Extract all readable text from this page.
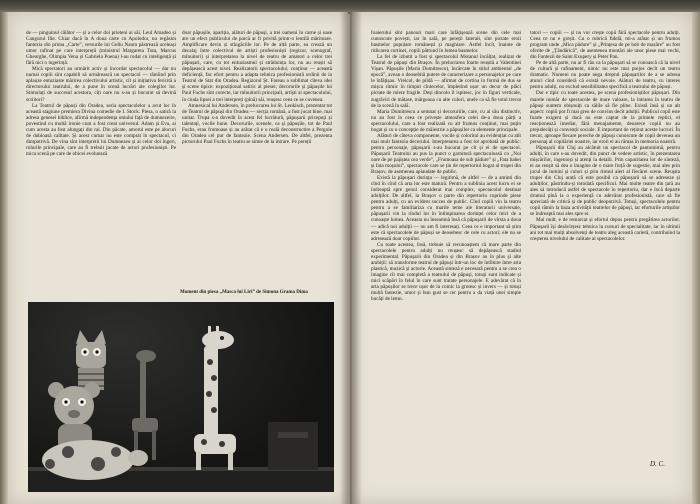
de — pinguinul călător — și a celor doi prieteni ai săi, Leul Amadeo și Cangurul Ilie. Chiar dacă în A doua carte cu Apolodor, nu regăsim fantezia din prima „Carte”, versurile lui Gellu Naum păstrează aceleași umor rafinat pe care interpreții (ministrul Margareta Tuta, Marcus Gheorghe, Olimpia Vena și Gabriela Poena) l-au rodat cu inteligență și fără nici o ingerință.

Mică spectatori au urmărit activ și încordat spectacolul — dar nu numai copiii sînt capabili să urmărească un spectacol — rămîind prin aplauze entuziaste mărirea colectivului artistic, cît și inițiativa fericită a directorului teatrului, de a pune în scenă lucrări ale colegilor lor. Stimulați de succesul acestora, cîți oare nu s-au și bucurat să devină scriitori?

La Teatrul de păpuși din Oradea, seria spectacolelor a avut loc în această stagiune premiera Divina comedie de I. Stock. Piesa, o satiră la adresa genesei biblice, afirmă independența omului față de dumnezeire, povestind cu multă ironie cum a fost creat universul. Adam și Eva, ai cum acesta au fost alungați din rai. Din păcate, amorul este pe alocuri de dubioasă calitate. Și acest cumar nu este comprat în spectacol, ci dimpotrivă. De vina sînt interpretii lui Dumnezeu și ai celor doi îngeri, rolurile principale, care au fi trebuit jucate de actori profesioniști. Pe mica scenă pe care de obicei evoluează

doar păpușile, apariția, alături de păpuși, a trei oameni în carne și oase are un efect publicului de parcă ar fi privită printr-o lentilă măritoare. Amplificare devin și stîngăciile lor. Pe de altă parte, ea crează un decalaj între colectivul de artiști profesioniști (regizor, scenograf, mînuitori) și interpretarea la nivel de teatru de amatori a celor trei păpușari, care, cu tot entuziasmul și străduința lor, nu au reușit să depășească acest nivel. Realizatorii spectacolului, conținut — această deficiență, fac efort pentru a adapta tehnica profesionistă ordinii de la Teatrul de Stat din Oradea. Regizorul Șt. Fareau a sublimat cîteva idei și scene tipice: expozițional satiric al piesei; decorurile și păpușile lui Paul Fuchs sînt corecte, iar mînuitorii principali, artiști ai spectacolului, în ciuda lipsei a trei interpreți (pînă) săi, reușesc ceea ce se cuvenea.

Amnesical lui Andersen, în prelucrarea lui St. Lenkisch, prezentat tot de Teatrul de păpuși din Oradea — secția română, a fost jucat bine, mai unitar. Trupa s-a dovedit în acest fel lucrătură, păpușarii pricepuți și talentați, vocile bune. Decorurile, scenele, ca și păpușile, tot de Paul Fuchs, erau frumoase și au arătat că e o reală deconstructire a Pergole din Oradea cel pur de fantezie. Scena Andersen. De altfel, prezenta pictorului Paul Fuchs în teatru se simte de la intrare. Pe pereții

Moment din piesa „Masca lui Liri” de Simona Grama Dima

foaierului sînt panouri mari care înfățișează scene din cele mai cunoscute povești, iar în sală, pe pereții laterali, sînt pictate eroii basmelor populare românești și maghiare. Astfel încît, înainte de ridicarea cortinei, copiii pătrund în lumea basmelor.

La fel de izbutit a fost și spectacolul Motanul încălțat, realizat de Teatrul de păpuși din Brașov. În prelucrarea foarte reușită a Valentinei Vișan. Păpușile (Maria Dumitrescu), încărcate în stilul ambiental „de epocă”, aveau o deosebită putere de caracterizare a personajelor pe care le înfățișau. Vreicol, de pildă — afirmat de cortina în formă de dus se mișca ritmic în timpul cîntecelor, împletind ușor un decor de plăci pictate de miere fragile. Deși dincolo îl ispitesc, joc în figuri verticale, zugrăviri de mătase, mărgeaua cu alte culori, unele ca să fie totul trecut de la scenă în sală.

Maria Dumitrescu a semnat și decoruriile, care, cu al său distinctiv, nu au fost în ceea ce privește atmosfera celei de-a doua părți a spectacolului, care a fost realizată cu alt frumos conținut, mai puțin bogat și cu o concepție de măiestrie a păpușilor ca elemente principale.

Alături de câteva componente, vocile și coloritul au evidențiat cu atît mai mult fantezia decorului. Interpretarea a fost tot aprobată de public: pentru personaje, păpușarii s-au bucurat pe cît și ei de spectacol. Păpușarii Teatrului au pus la punct o garnitură spectaculoasă cu „Noi oare de pe pajiștea cea verde”, „Frumoasa de sub pădure” și „Fata babei și fata moșului”, spectacole care se țin de repertoriul bogat al trupei din Brașov, de asemenea aplaudate de public.

Există la păpușari dorința — legitimă, de altfel — de a aminti din cînd în cînd că arta lor este matură. Pentru a sublinia acest lucru ei se îndreaptă spre genul considerat mai complex, spectacolul destinat adulților. De altfel, la Brașov o parte din repertoriu cuprinde piese pentru adulți, cu un evident succes de public. Cînd copiii vin la teatru pentru a se familiariza cu marile teme ale literaturii universale, păpușarii vin la rîndul lor în întîmpinarea dorinței celor mici de a cunoaște lumea. Aceasta nu înseamnă însă că păpușarii de vîrsta a doua — adică noi adulții — nu am fi interesați. Ceea ce e important să știm este că spectacolele de păpuși se deosebesc de cele cu actori; ele nu se adresează doar copiilor.

Cu toate acestea, însă, trebuie să recunoaștem că mare parte din spectacolele pentru adulți nu reușesc să depășească stadiul experimental. Păpușarii din Oradea și din Brașov au în plus și alte ambiții: să transforme teatrul de păpuși într-un loc de întîlnire între arta plastică, muzică și actorie. Această sinteză e necesară pentru a se crea o imagine cît mai completă a teatrului de păpuși, totuși sunt indicate și mici scăpări în felul în care sunt tratate personajele. E adevărat că în arta păpușilor se trece ușor de la comic la grotesc și invers — și totuși multă fantezie, umor și bun gust se cer pentru a da viață unei simple bucăți de lemn.

tatori — copiii — și nu vor crește copii fără spectacole pentru adulți. Ceea ce nu e greșit. Cu o rubrică fidelă, mi-a arătat și un frumos program unde „Mica pădure” și „Prințesa de pe bob de mazăre” au fost oferite de „Țăndărică”, de asemenea montări ale unor piese mai vechi, din Fantezii de Saint Exupery și Peter Pan.

Pe de altă parte, nu ar fi rău ca la păpușari să se cunoască că la nivel de cultură și rafinament, nimic nu este mai prejos decît un teatru dramatic. Numeni nu poate nega dreptul păpușarilor de a se adresa atunci cînd consideră că există nevoie. Alături de teatru, cu interes pentru adulți, nu exclud sensibilitatea specifică a teatrului de păpuși.

Dar e tipic cu toate acestea, pe scena profesioniștilor păpușari. Din marele număr de spectacole de mare valoare, la intrarea în teatru de păpuși suntem obișnuiți ca sălile să fie pline. Există însă și un alt aspect: copiii pot fi mai greu de convins decît adulții. Publicul copil este foarte exigent și dacă nu este captat de la primele replici, el reacționează imediat, fără menajamente, deoarece copiii nu au prejudecăți și convenții sociale. E important de reținut aceste lucruri. În trecut, aproape fiecare pereche de păpuși cunoscute de copii devenea un personaj al copilăriei noastre, iar eroii ei au rămas în memoria noastră.

Păpușarii din Cluj au alcătuit un spectacol de pantomimă, pentru adulți, în care s-au dovedit, din punct de vedere artistic, în prezentarea mișcărilor, ingenioși și atenți la detalii. Prin capacitatea lor de sinteză, ei au reușit să dea o imagine de o mare forță de sugestie, mai ales prin jocul de lumini și culori și prin ritmul alert al fiecărei scene. Reușita trupei din Cluj arată că este posibil ca păpușarii să se adreseze și adulților, păstrîndu-și totodată specificul. Mai multe teatre din țară au ales să introducă astfel de spectacole în repertoriu, dar e încă departe drumul pînă la o experiență cu adevărat profesionistă, care să fie apreciată de critică și de public deopotrivă. Totuși, spectacolele pentru copii rămîn la baza activității teatrelor de păpuși, iar eforturile artiștilor se îndreaptă mai ales spre ei.

Mai mult, e de remarcat și efortul depus pentru pregătirea actorilor. Păpușarii își desăvîrșesc tehnica la cursuri de specialitate, iar în ultimii ani tot mai mulți absolvenți de teatru aleg această carieră, contribuind la creșterea nivelului de calitate al spectacolelor.

D. C.
